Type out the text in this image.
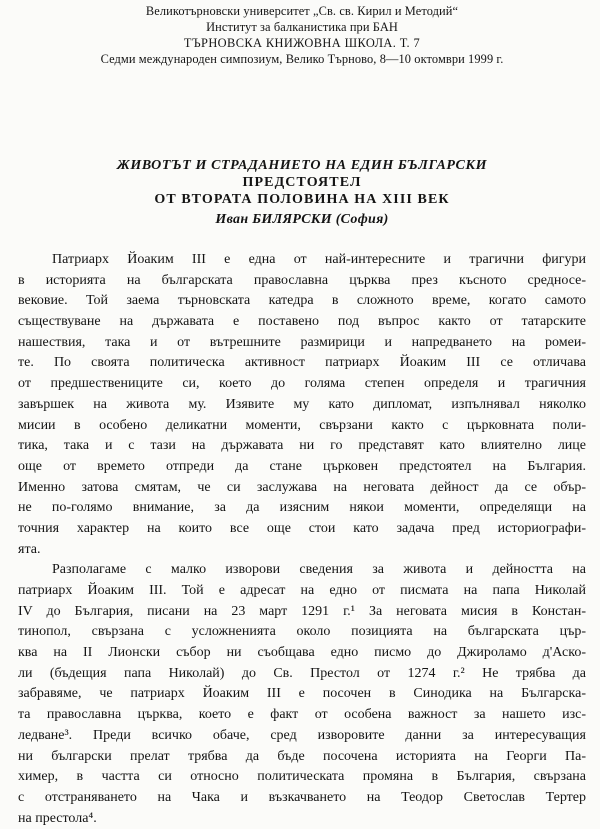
Великотърновски университет „Св. св. Кирил и Методий“
Институт за балканистика при БАН
ТЪРНОВСКА КНИЖОВНА ШКОЛА. Т. 7
Седми международен симпозиум, Велико Търново, 8—10 октомври 1999 г.
ЖИВОТЪТ И СТРАДАНИЕТО НА ЕДИН БЪЛГАРСКИ
ПРЕДСТОЯТЕЛ
ОТ ВТОРАТА ПОЛОВИНА НА XIII ВЕК
Иван БИЛЯРСКИ (София)
Патриарх Йоаким III е една от най-интересните и трагични фигури
в историята на българската православна църква през късното средносе-
вековие. Той заема търновската катедра в сложното време, когато самото
съществуване на държавата е поставено под въпрос както от татарските
нашествия, така и от вътрешните размирици и напредването на ромеи-
те. По своята политическа активност патриарх Йоаким III се отличава
от предшествениците си, което до голяма степен определя и трагичния
завършек на живота му. Изявите му като дипломат, изпълнявал няколко
мисии в особено деликатни моменти, свързани както с църковната поли-
тика, така и с тази на държавата ни го представят като влиятелно лице
още от времето отпреди да стане църковен предстоятел на България.
Именно затова смятам, че си заслужава на неговата дейност да се обър-
не по-голямо внимание, за да изясним някои моменти, определящи на
точния характер на които все още стои като задача пред историографи-
ята.
Разполагаме с малко изворови сведения за живота и дейността на
патриарх Йоаким III. Той е адресат на едно от писмата на папа Николай
IV до България, писани на 23 март 1291 г.¹ За неговата мисия в Констан-
тинопол, свързана с усложненията около позицията на българската цър-
ква на II Лионски събор ни съобщава едно писмо до Джироламо д'Аско-
ли (бъдещия папа Николай) до Св. Престол от 1274 г.² Не трябва да
забравяме, че патриарх Йоаким III е посочен в Синодика на Българска-
та православна църква, което е факт от особена важност за нашето изс-
ледване³. Преди всичко обаче, сред изворовите данни за интересуващия
ни български прелат трябва да бъде посочена историята на Георги Па-
химер, в частта си относно политическата промяна в България, свързана
с отстраняването на Чака и възкачването на Теодор Светослав Тертер
на престола⁴.
